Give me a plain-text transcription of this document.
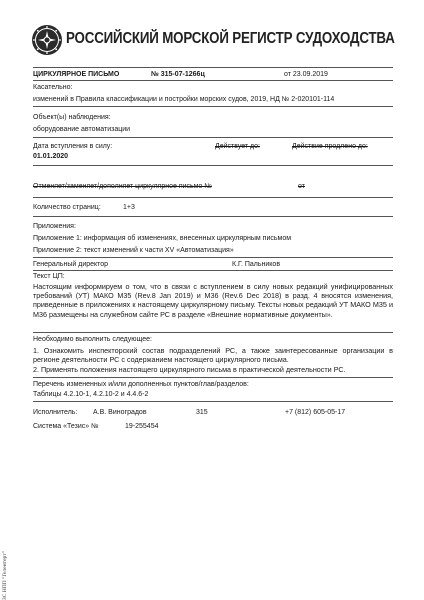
РОССИЙСКИЙ МОРСКОЙ РЕГИСТР СУДОХОДСТВА
ЦИРКУЛЯРНОЕ ПИСЬМО	№ 315-07-1266ц	от 23.09.2019
Касательно:
изменений в Правила классификации и постройки морских судов, 2019, НД № 2-020101-114
Объект(ы) наблюдения:
оборудование автоматизации
Дата вступления в силу:
01.01.2020
Действует до:	Действие продлено до:
Отменяет/заменяет/дополняет циркулярное письмо №	от
Количество страниц:	1+3
Приложения:
Приложение 1: информация об изменениях, внесенных циркулярным письмом
Приложение 2: текст изменений к части XV «Автоматизация»
Генеральный директор	К.Г. Пальников
Текст ЦП:
Настоящим информируем о том, что в связи с вступлением в силу новых редакций унифицированных требований (УТ) МАКО М35 (Rev.8 Jan 2019) и М36 (Rev.6 Dec 2018) в разд. 4 вносятся изменения, приведенные в приложениях к настоящему циркулярному письму. Тексты новых редакций УТ МАКО М35 и М36 размещены на служебном сайте РС в разделе «Внешние нормативные документы».
Необходимо выполнить следующее:
1. Ознакомить инспекторский состав подразделений РС, а также заинтересованные организации в регионе деятельности РС с содержанием настоящего циркулярного письма.
2. Применять положения настоящего циркулярного письма в практической деятельности РС.
Перечень измененных и/или дополненных пунктов/глав/разделов:
Таблицы 4.2.10-1, 4.2.10-2 и 4.4.6-2
Исполнитель: А.В. Виноградов	315	+7 (812) 605-05-17
Система «Тезис» №	19-255454
ЗС НПП "Гелентерт"
